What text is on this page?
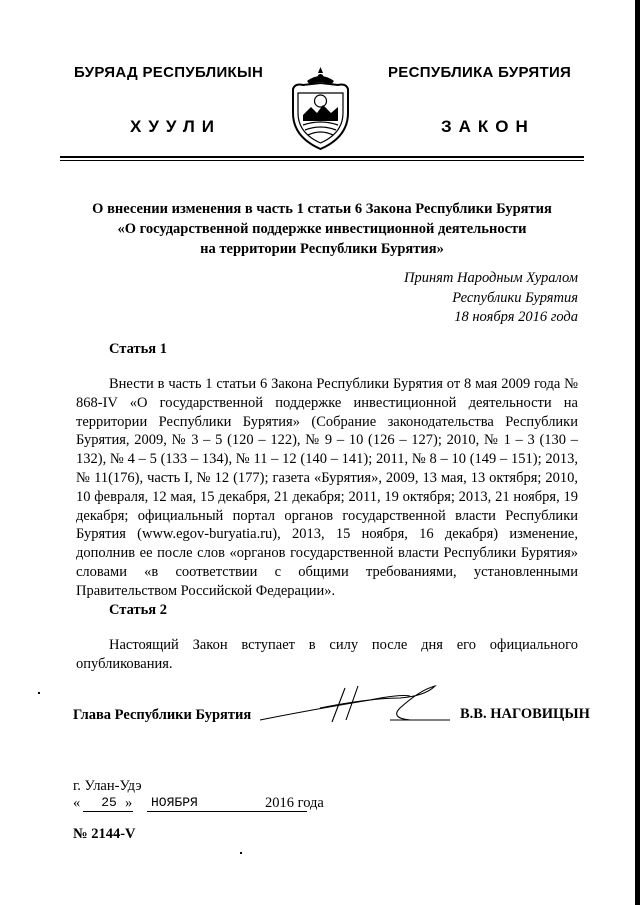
БУРЯАД РЕСПУБЛИКЫН
ХУУЛИ
РЕСПУБЛИКА БУРЯТИЯ
ЗАКОН
О внесении изменения в часть 1 статьи 6 Закона Республики Бурятия
«О государственной поддержке инвестиционной деятельности
на территории Республики Бурятия»
Принят Народным Хуралом
Республики Бурятия
18 ноября 2016 года
Статья 1
Внести в часть 1 статьи 6 Закона Республики Бурятия от 8 мая 2009 года № 868-IV «О государственной поддержке инвестиционной деятельности на территории Республики Бурятия» (Собрание законодательства Республики Бурятия, 2009, № 3 – 5 (120 – 122), № 9 – 10 (126 – 127); 2010, № 1 – 3 (130 – 132), № 4 – 5 (133 – 134), № 11 – 12 (140 – 141); 2011, № 8 – 10 (149 – 151); 2013, № 11(176), часть I, № 12 (177); газета «Бурятия», 2009, 13 мая, 13 октября; 2010, 10 февраля, 12 мая, 15 декабря, 21 декабря; 2011, 19 октября; 2013, 21 ноября, 19 декабря; официальный портал органов государственной власти Республики Бурятия (www.egov-buryatia.ru), 2013, 15 ноября, 16 декабря) изменение, дополнив ее после слов «органов государственной власти Республики Бурятия» словами «в соответствии с общими требованиями, установленными Правительством Российской Федерации».
Статья 2
Настоящий Закон вступает в силу после дня его официального опубликования.
Глава Республики Бурятия	В.В. НАГОВИЦЫН
г. Улан-Удэ
«	25 » НОЯБРЯ	2016 года
№ 2144-V
